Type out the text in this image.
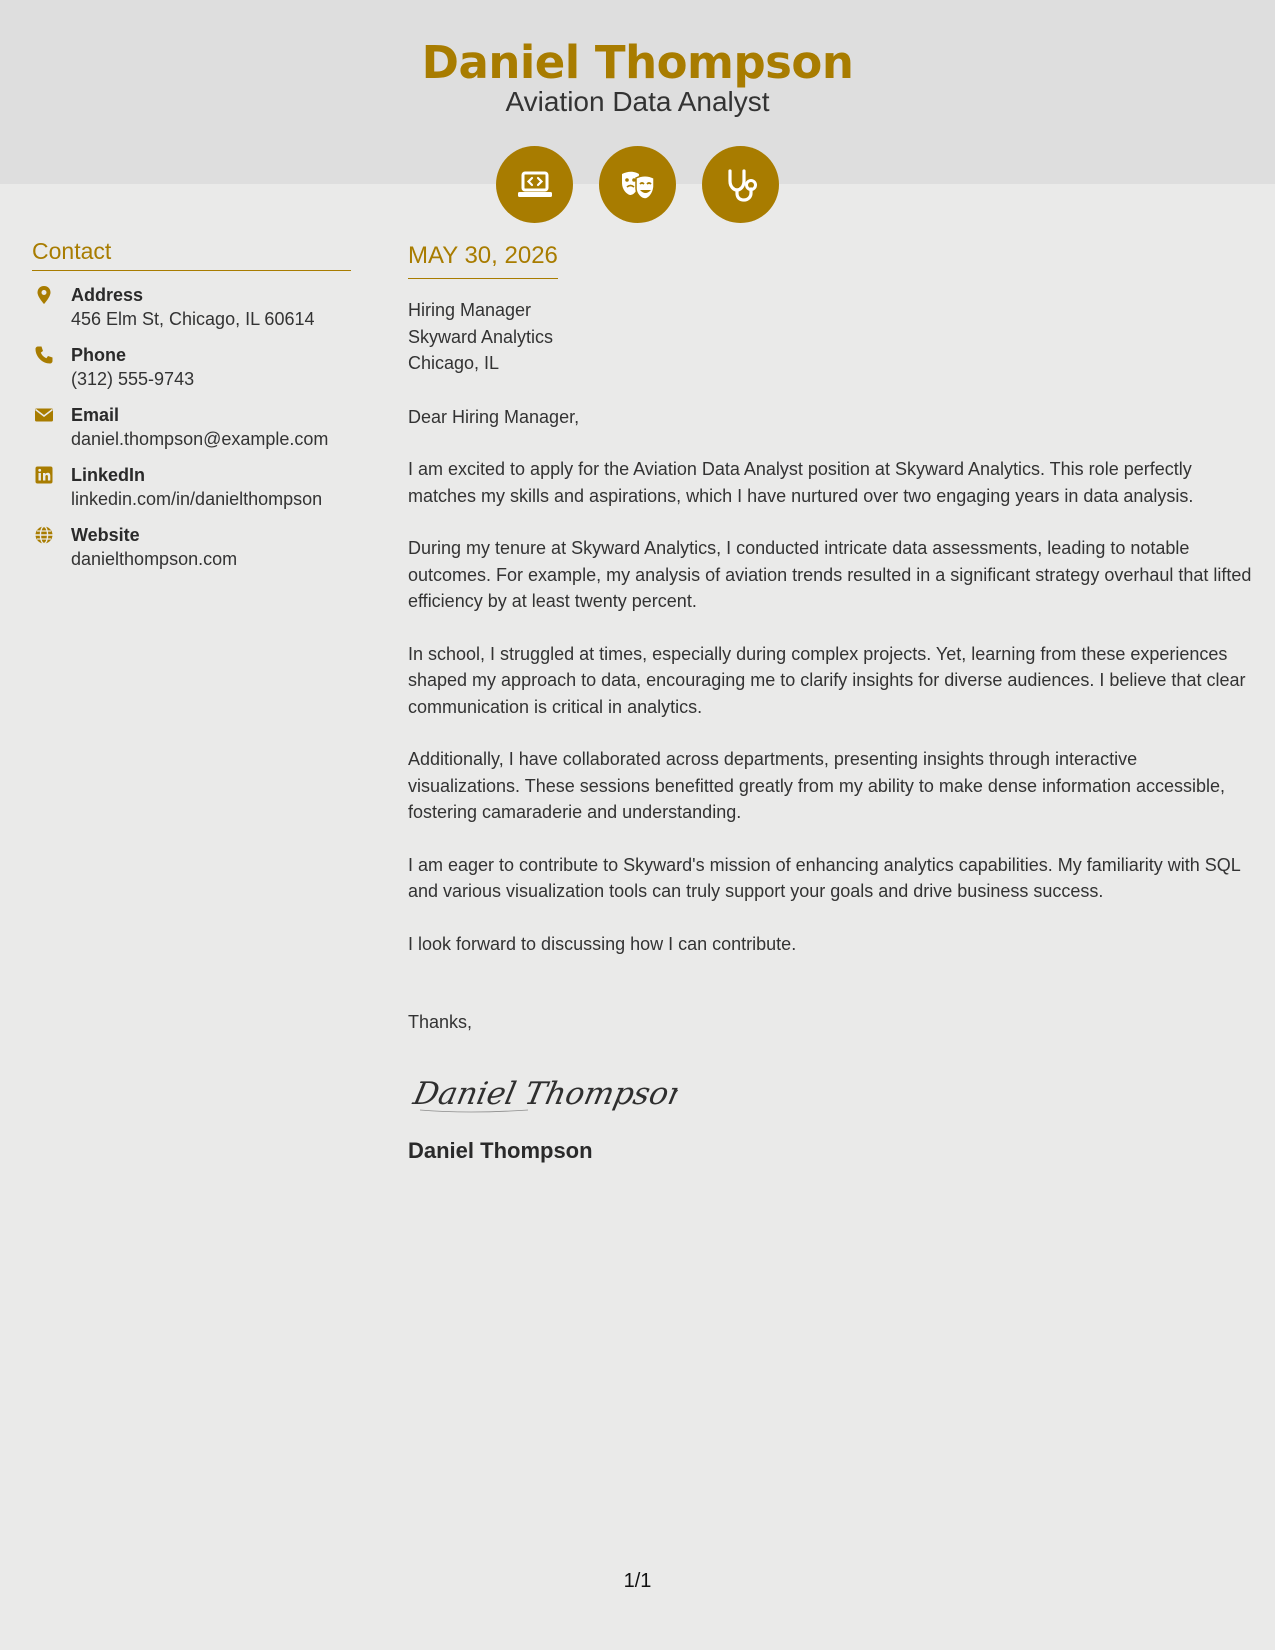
Daniel Thompson
Aviation Data Analyst
Contact
Address
456 Elm St, Chicago, IL 60614
Phone
(312) 555-9743
Email
daniel.thompson@example.com
LinkedIn
linkedin.com/in/danielthompson
Website
danielthompson.com
MAY 30, 2026
Hiring Manager
Skyward Analytics
Chicago, IL

Dear Hiring Manager,

I am excited to apply for the Aviation Data Analyst position at Skyward Analytics. This role perfectly matches my skills and aspirations, which I have nurtured over two engaging years in data analysis.

During my tenure at Skyward Analytics, I conducted intricate data assessments, leading to notable outcomes. For example, my analysis of aviation trends resulted in a significant strategy overhaul that lifted efficiency by at least twenty percent.

In school, I struggled at times, especially during complex projects. Yet, learning from these experiences shaped my approach to data, encouraging me to clarify insights for diverse audiences. I believe that clear communication is critical in analytics.

Additionally, I have collaborated across departments, presenting insights through interactive visualizations. These sessions benefitted greatly from my ability to make dense information accessible, fostering camaraderie and understanding.

I am eager to contribute to Skyward's mission of enhancing analytics capabilities. My familiarity with SQL and various visualization tools can truly support your goals and drive business success.

I look forward to discussing how I can contribute.

Thanks,

Daniel Thompson
Daniel Thompson
1/1
